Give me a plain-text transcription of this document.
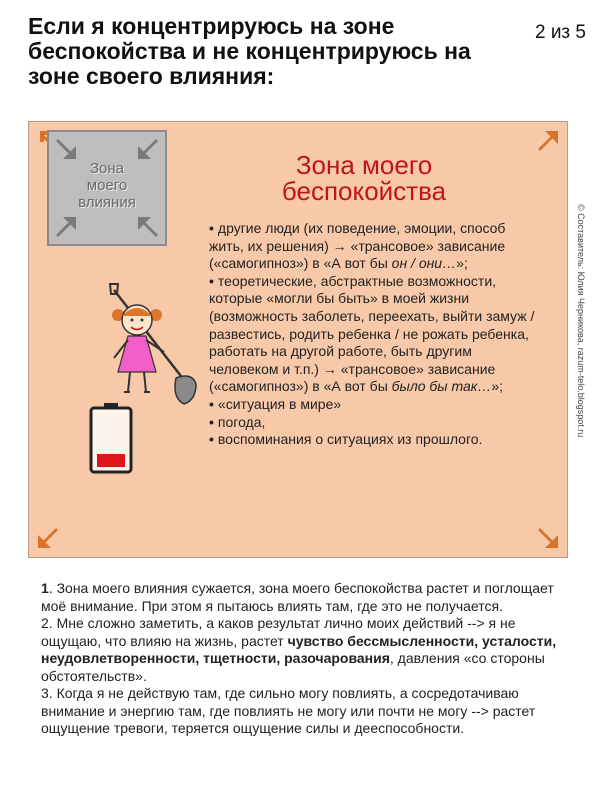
Если я концентрируюсь на зоне беспокойства и не концентрируюсь на зоне своего влияния:
2 из 5
Зона моего влияния
Зона моего беспокойства
• другие люди (их поведение, эмоции, способ жить, их решения) → «трансовое» зависание («самогипноз») в «А вот бы он / они…»;
• теоретические, абстрактные возможности, которые «могли бы быть» в моей жизни (возможность заболеть, переехать, выйти замуж / развестись, родить ребенка / не рожать ребенка, работать на другой работе, быть другим человеком и т.п.) → «трансовое» зависание («самогипноз») в «А вот бы было бы так…»;
• «ситуация в мире»
• погода,
• воспоминания о ситуациях из прошлого.
© Составитель: Юлия Черникова, razum-telo.blogspot.ru

1. Зона моего влияния сужается, зона моего беспокойства растет и поглощает моё внимание. При этом я пытаюсь влиять там, где это не получается.

2. Мне сложно заметить, а каков результат лично моих действий --> я не ощущаю, что влияю на жизнь, растет чувство бессмысленности, усталости, неудовлетворенности, тщетности, разочарования, давления «со стороны обстоятельств».

3. Когда я не действую там, где сильно могу повлиять, а сосредотачиваю внимание и энергию там, где повлиять не могу или почти не могу --> растет ощущение тревоги, теряется ощущение силы и дееспособности.
